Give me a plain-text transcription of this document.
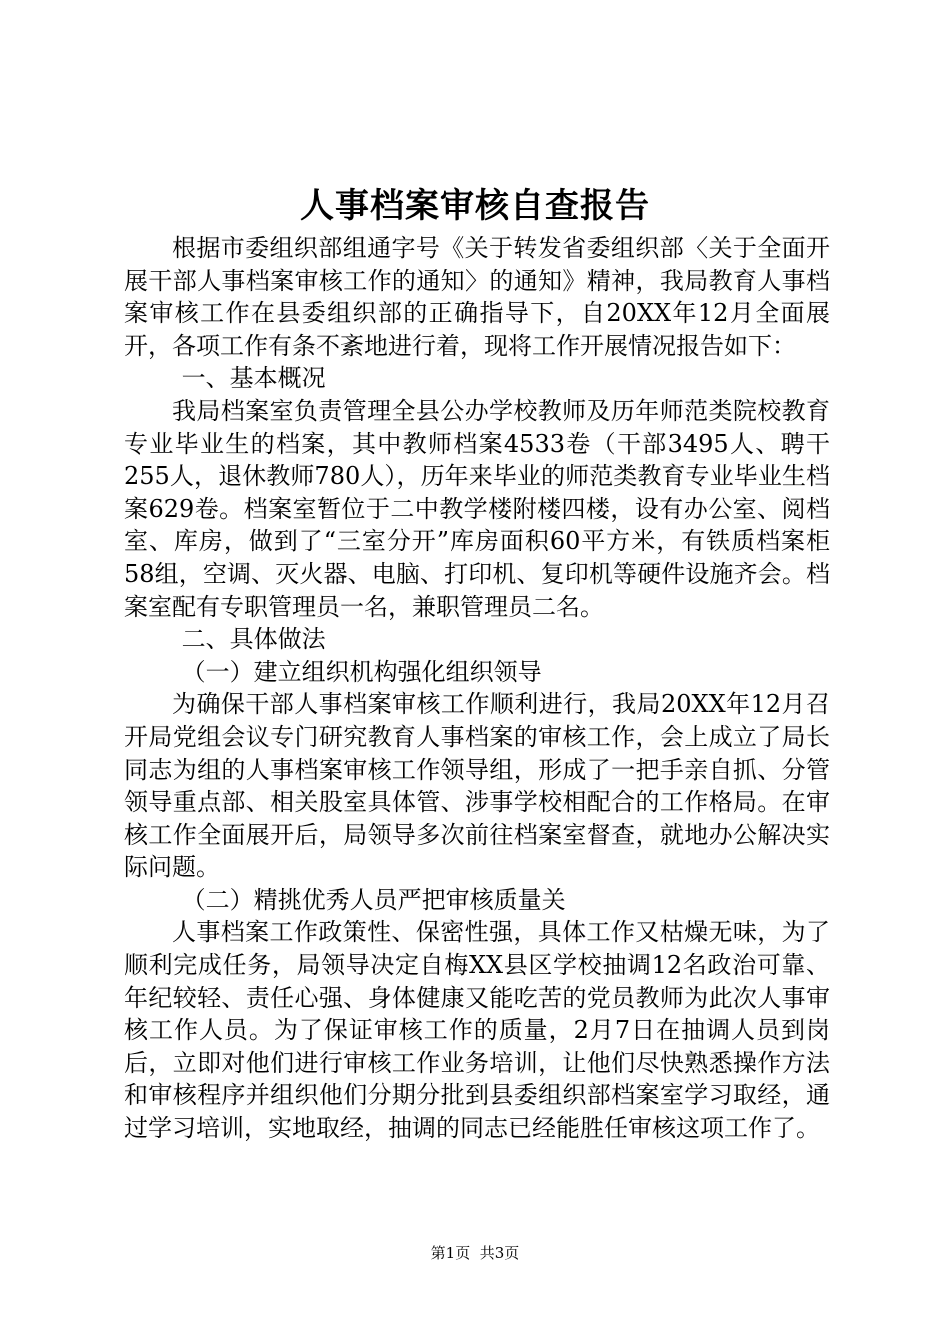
人事档案审核自查报告

根据市委组织部组通字号《关于转发省委组织部〈关于全面开展干部人事档案审核工作的通知〉的通知》精神，我局教育人事档案审核工作在县委组织部的正确指导下，自20XX年12月全面展开，各项工作有条不紊地进行着，现将工作开展情况报告如下：

一、基本概况

我局档案室负责管理全县公办学校教师及历年师范类院校教育专业毕业生的档案，其中教师档案4533卷（干部3495人、聘干255人，退休教师780人），历年来毕业的师范类教育专业毕业生档案629卷。档案室暂位于二中教学楼附楼四楼，设有办公室、阅档室、库房，做到了“三室分开”库房面积60平方米，有铁质档案柜58组，空调、灭火器、电脑、打印机、复印机等硬件设施齐会。档案室配有专职管理员一名，兼职管理员二名。

二、具体做法

（一）建立组织机构强化组织领导

为确保干部人事档案审核工作顺利进行，我局20XX年12月召开局党组会议专门研究教育人事档案的审核工作，会上成立了局长同志为组的人事档案审核工作领导组，形成了一把手亲自抓、分管领导重点部、相关股室具体管、涉事学校相配合的工作格局。在审核工作全面展开后，局领导多次前往档案室督查，就地办公解决实际问题。

（二）精挑优秀人员严把审核质量关

人事档案工作政策性、保密性强，具体工作又枯燥无味，为了顺利完成任务，局领导决定自梅XX县区学校抽调12名政治可靠、年纪较轻、责任心强、身体健康又能吃苦的党员教师为此次人事审核工作人员。为了保证审核工作的质量，2月7日在抽调人员到岗后，立即对他们进行审核工作业务培训，让他们尽快熟悉操作方法和审核程序并组织他们分期分批到县委组织部档案室学习取经，通过学习培训，实地取经，抽调的同志已经能胜任审核这项工作了。

第1页 共3页
